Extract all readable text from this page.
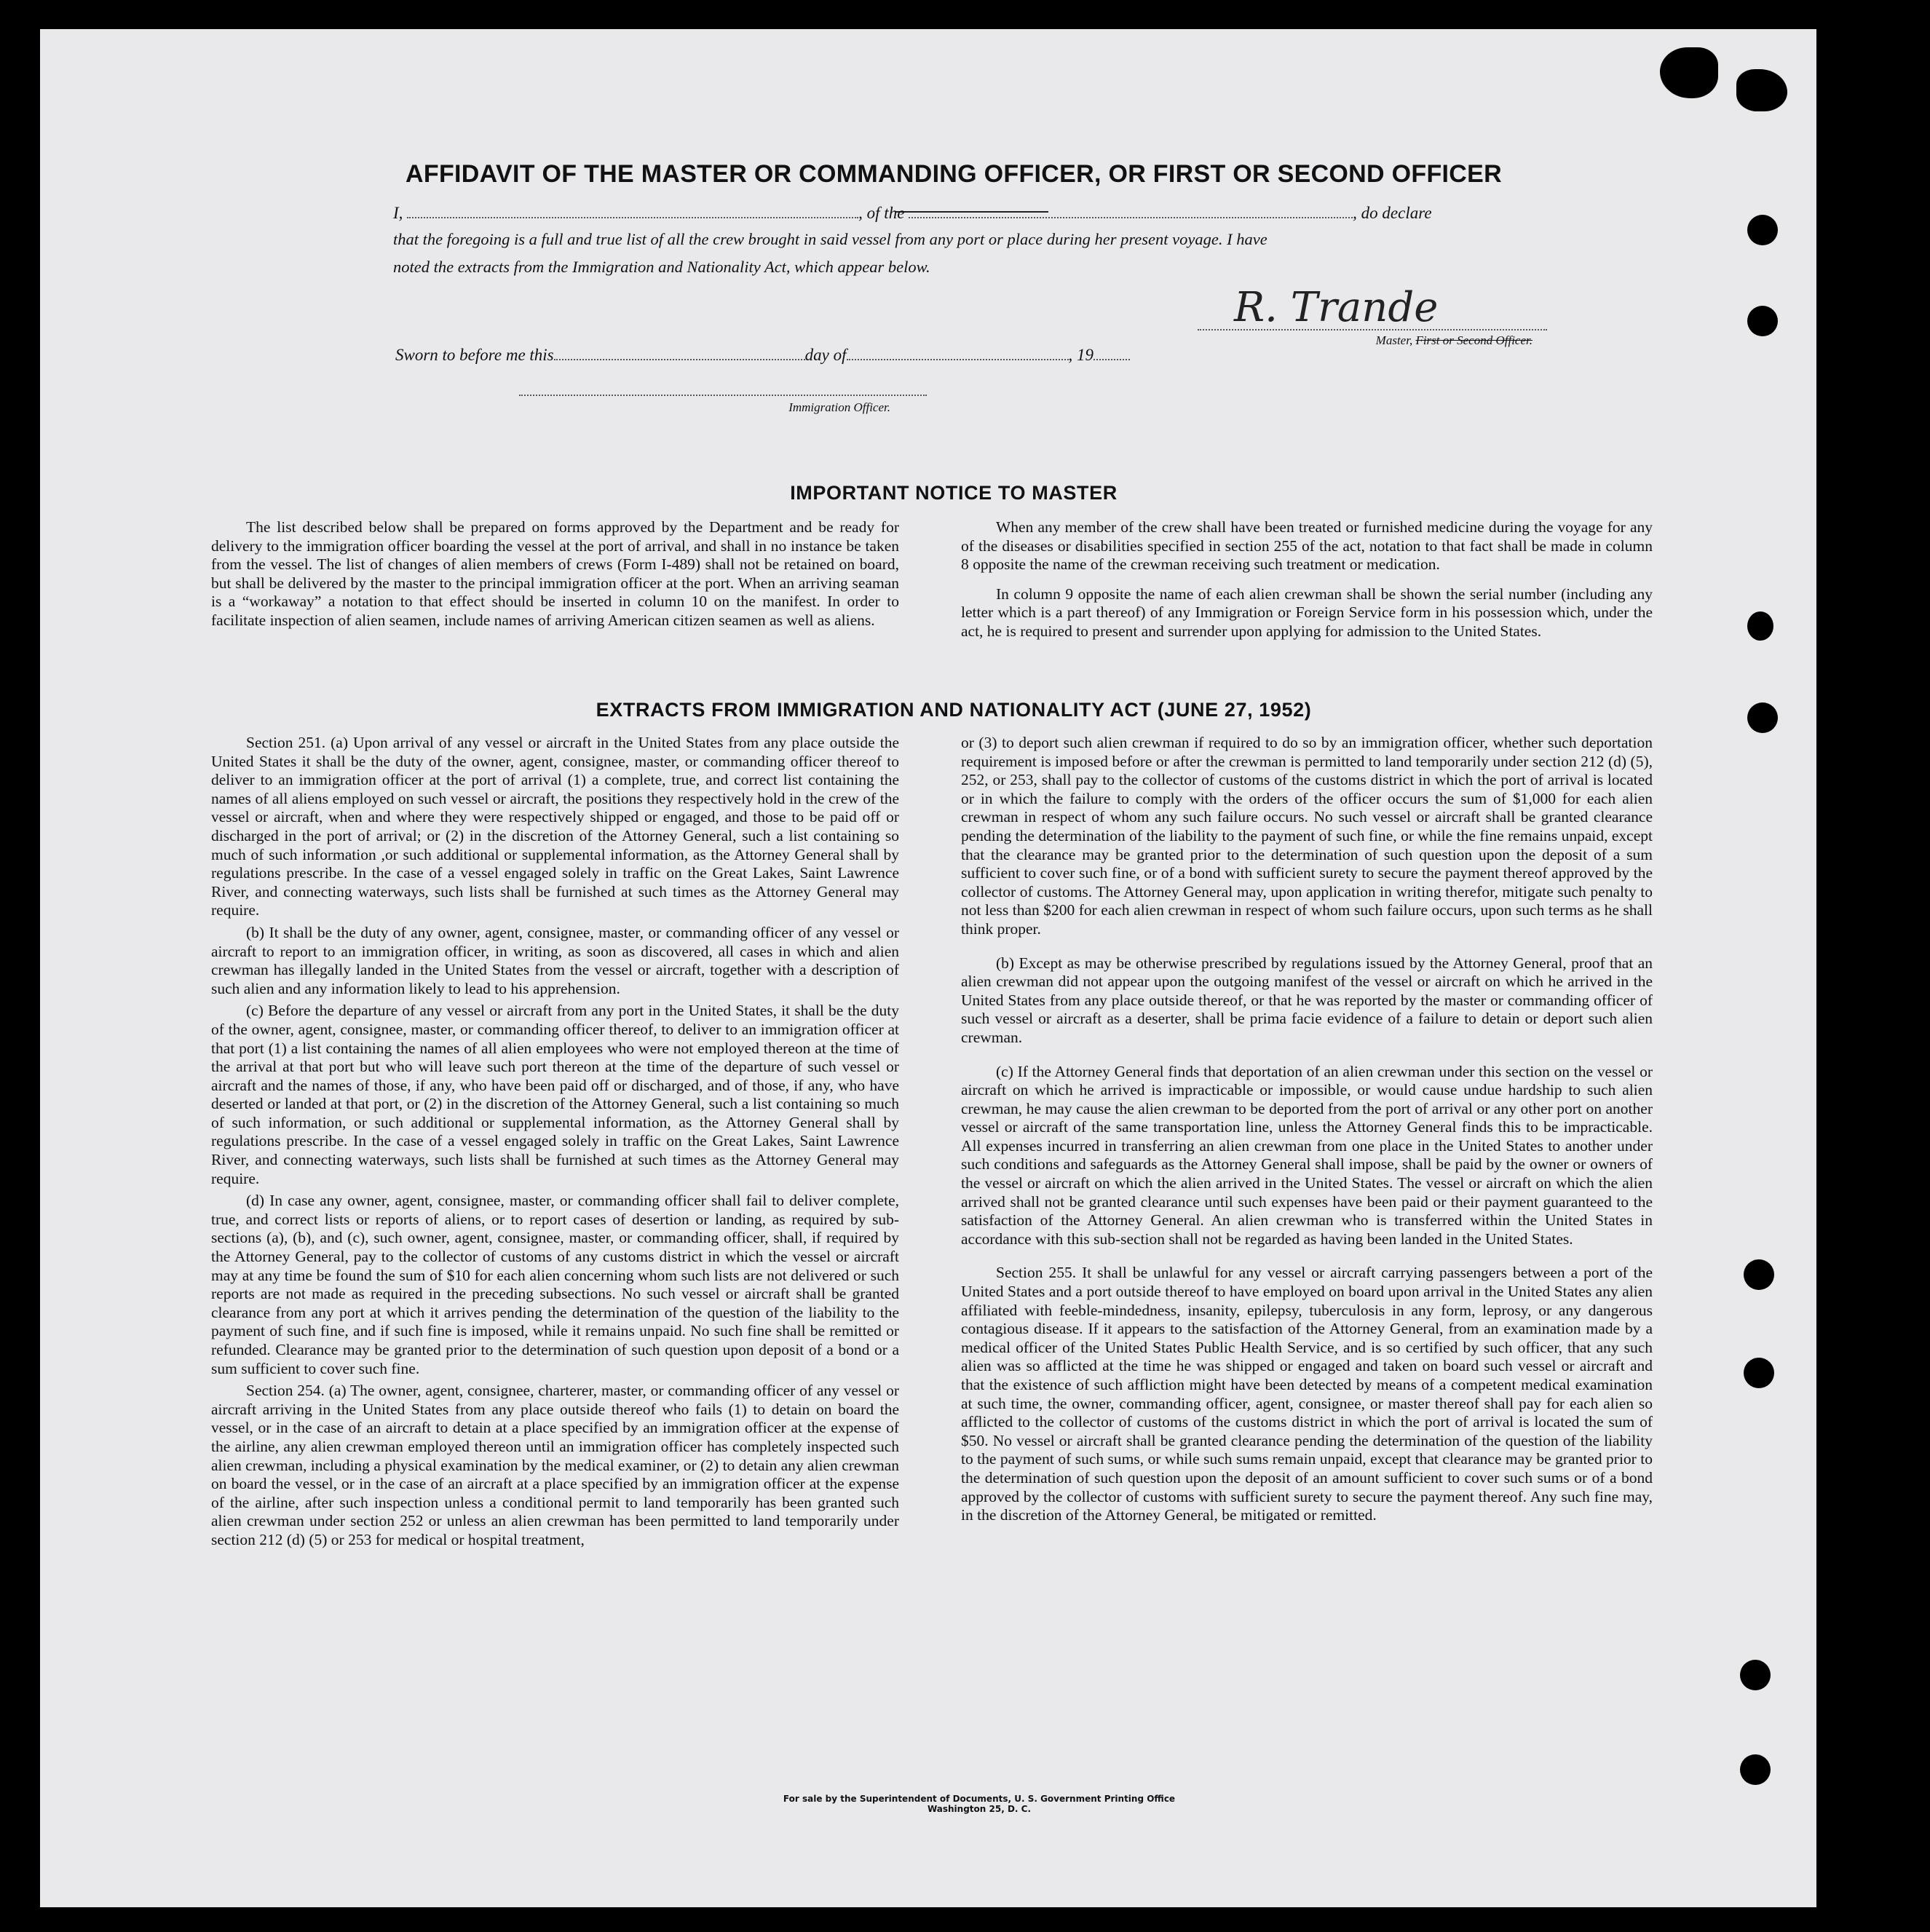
AFFIDAVIT OF THE MASTER OR COMMANDING OFFICER, OR FIRST OR SECOND OFFICER
I,	, of the	, do declare
that the foregoing is a full and true list of all the crew brought in said vessel from any port or place during her present voyage. I have
noted the extracts from the Immigration and Nationality Act, which appear below.
R. Trande
Master, First or Second Officer.
Sworn to before me this	day of	, 19
Immigration Officer.
IMPORTANT NOTICE TO MASTER

The list described below shall be prepared on forms approved by the Department and be ready for delivery to the immigration officer boarding the vessel at the port of arrival, and shall in no instance be taken from the vessel. The list of changes of alien members of crews (Form I-489) shall not be retained on board, but shall be delivered by the master to the principal immigration officer at the port. When an arriving seaman is a “workaway” a notation to that effect should be inserted in column 10 on the manifest. In order to facilitate inspection of alien seamen, include names of arriving American citizen seamen as well as aliens.

When any member of the crew shall have been treated or furnished medicine during the voyage for any of the diseases or disabilities specified in section 255 of the act, notation to that fact shall be made in column 8 opposite the name of the crewman receiving such treatment or medication.

In column 9 opposite the name of each alien crewman shall be shown the serial number (including any letter which is a part thereof) of any Immigration or Foreign Service form in his possession which, under the act, he is required to present and surrender upon applying for admission to the United States.

EXTRACTS FROM IMMIGRATION AND NATIONALITY ACT (JUNE 27, 1952)

Section 251. (a) Upon arrival of any vessel or aircraft in the United States from any place outside the United States it shall be the duty of the owner, agent, consignee, master, or commanding officer thereof to deliver to an immigration officer at the port of arrival (1) a complete, true, and correct list containing the names of all aliens employed on such vessel or aircraft, the positions they respectively hold in the crew of the vessel or aircraft, when and where they were respectively shipped or engaged, and those to be paid off or discharged in the port of arrival; or (2) in the discretion of the Attorney General, such a list containing so much of such information ,or such additional or supplemental information, as the Attorney General shall by regulations prescribe. In the case of a vessel engaged solely in traffic on the Great Lakes, Saint Lawrence River, and connecting waterways, such lists shall be furnished at such times as the Attorney General may require.

(b) It shall be the duty of any owner, agent, consignee, master, or commanding officer of any vessel or aircraft to report to an immigration officer, in writing, as soon as discovered, all cases in which and alien crewman has illegally landed in the United States from the vessel or aircraft, together with a description of such alien and any information likely to lead to his apprehension.

(c) Before the departure of any vessel or aircraft from any port in the United States, it shall be the duty of the owner, agent, consignee, master, or commanding officer thereof, to deliver to an immigration officer at that port (1) a list containing the names of all alien employees who were not employed thereon at the time of the arrival at that port but who will leave such port thereon at the time of the departure of such vessel or aircraft and the names of those, if any, who have been paid off or discharged, and of those, if any, who have deserted or landed at that port, or (2) in the discretion of the Attorney General, such a list containing so much of such information, or such additional or supplemental information, as the Attorney General shall by regulations prescribe. In the case of a vessel engaged solely in traffic on the Great Lakes, Saint Lawrence River, and connecting waterways, such lists shall be furnished at such times as the Attorney General may require.

(d) In case any owner, agent, consignee, master, or commanding officer shall fail to deliver complete, true, and correct lists or reports of aliens, or to report cases of desertion or landing, as required by sub-sections (a), (b), and (c), such owner, agent, consignee, master, or commanding officer, shall, if required by the Attorney General, pay to the collector of customs of any customs district in which the vessel or aircraft may at any time be found the sum of $10 for each alien concerning whom such lists are not delivered or such reports are not made as required in the preceding subsections. No such vessel or aircraft shall be granted clearance from any port at which it arrives pending the determination of the question of the liability to the payment of such fine, and if such fine is imposed, while it remains unpaid. No such fine shall be remitted or refunded. Clearance may be granted prior to the determination of such question upon deposit of a bond or a sum sufficient to cover such fine.

Section 254. (a) The owner, agent, consignee, charterer, master, or commanding officer of any vessel or aircraft arriving in the United States from any place outside thereof who fails (1) to detain on board the vessel, or in the case of an aircraft to detain at a place specified by an immigration officer at the expense of the airline, any alien crewman employed thereon until an immigration officer has completely inspected such alien crewman, including a physical examination by the medical examiner, or (2) to detain any alien crewman on board the vessel, or in the case of an aircraft at a place specified by an immigration officer at the expense of the airline, after such inspection unless a conditional permit to land temporarily has been granted such alien crewman under section 252 or unless an alien crewman has been permitted to land temporarily under section 212 (d) (5) or 253 for medical or hospital treatment,

or (3) to deport such alien crewman if required to do so by an immigration officer, whether such deportation requirement is imposed before or after the crewman is permitted to land temporarily under section 212 (d) (5), 252, or 253, shall pay to the collector of customs of the customs district in which the port of arrival is located or in which the failure to comply with the orders of the officer occurs the sum of $1,000 for each alien crewman in respect of whom any such failure occurs. No such vessel or aircraft shall be granted clearance pending the determination of the liability to the payment of such fine, or while the fine remains unpaid, except that the clearance may be granted prior to the determination of such question upon the deposit of a sum sufficient to cover such fine, or of a bond with sufficient surety to secure the payment thereof approved by the collector of customs. The Attorney General may, upon application in writing therefor, mitigate such penalty to not less than $200 for each alien crewman in respect of whom such failure occurs, upon such terms as he shall think proper.

(b) Except as may be otherwise prescribed by regulations issued by the Attorney General, proof that an alien crewman did not appear upon the outgoing manifest of the vessel or aircraft on which he arrived in the United States from any place outside thereof, or that he was reported by the master or commanding officer of such vessel or aircraft as a deserter, shall be prima facie evidence of a failure to detain or deport such alien crewman.

(c) If the Attorney General finds that deportation of an alien crewman under this section on the vessel or aircraft on which he arrived is impracticable or impossible, or would cause undue hardship to such alien crewman, he may cause the alien crewman to be deported from the port of arrival or any other port on another vessel or aircraft of the same transportation line, unless the Attorney General finds this to be impracticable. All expenses incurred in transferring an alien crewman from one place in the United States to another under such conditions and safeguards as the Attorney General shall impose, shall be paid by the owner or owners of the vessel or aircraft on which the alien arrived in the United States. The vessel or aircraft on which the alien arrived shall not be granted clearance until such expenses have been paid or their payment guaranteed to the satisfaction of the Attorney General. An alien crewman who is transferred within the United States in accordance with this sub-section shall not be regarded as having been landed in the United States.

Section 255. It shall be unlawful for any vessel or aircraft carrying passengers between a port of the United States and a port outside thereof to have employed on board upon arrival in the United States any alien affiliated with feeble-mindedness, insanity, epilepsy, tuberculosis in any form, leprosy, or any dangerous contagious disease. If it appears to the satisfaction of the Attorney General, from an examination made by a medical officer of the United States Public Health Service, and is so certified by such officer, that any such alien was so afflicted at the time he was shipped or engaged and taken on board such vessel or aircraft and that the existence of such affliction might have been detected by means of a competent medical examination at such time, the owner, commanding officer, agent, consignee, or master thereof shall pay for each alien so afflicted to the collector of customs of the customs district in which the port of arrival is located the sum of $50. No vessel or aircraft shall be granted clearance pending the determination of the question of the liability to the payment of such sums, or while such sums remain unpaid, except that clearance may be granted prior to the determination of such question upon the deposit of an amount sufficient to cover such sums or of a bond approved by the collector of customs with sufficient surety to secure the payment thereof. Any such fine may, in the discretion of the Attorney General, be mitigated or remitted.

For sale by the Superintendent of Documents, U. S. Government Printing Office
Washington 25, D. C.
